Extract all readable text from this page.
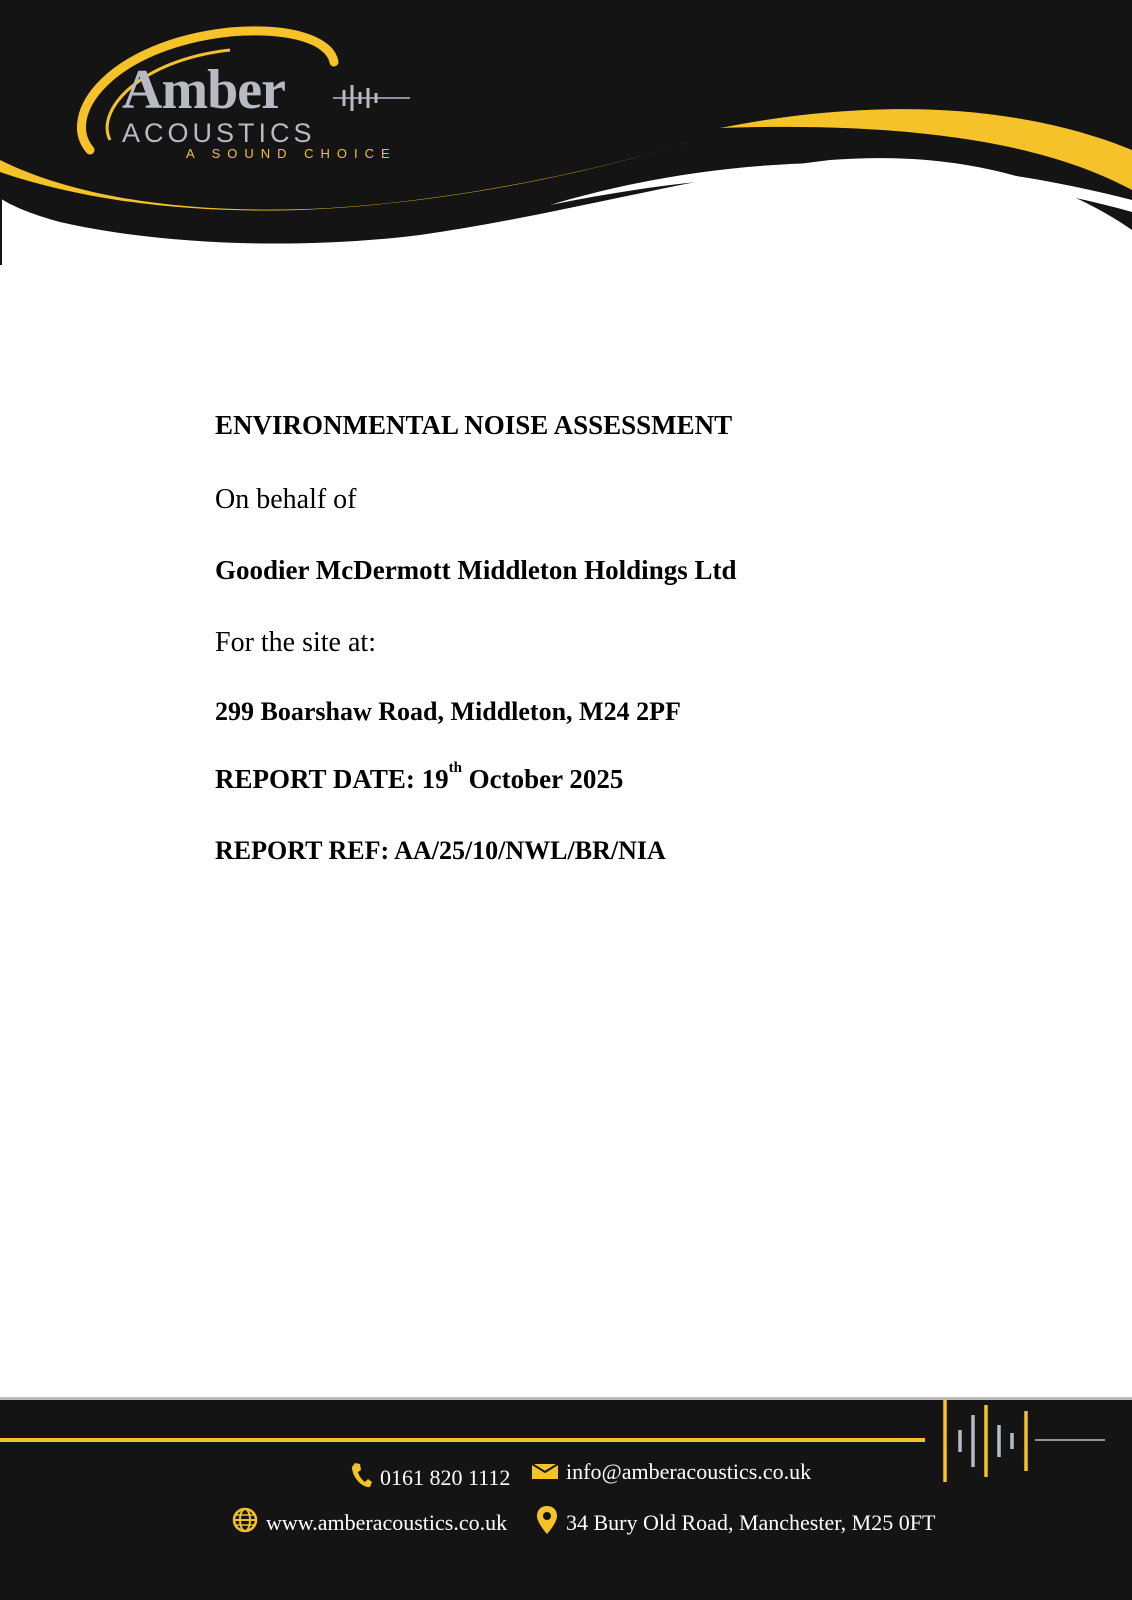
Amber
ACOUSTICS
A SOUND CHOICE
ENVIRONMENTAL NOISE ASSESSMENT
On behalf of
Goodier McDermott Middleton Holdings Ltd
For the site at:
299 Boarshaw Road, Middleton, M24 2PF
REPORT DATE: 19th October 2025
REPORT REF: AA/25/10/NWL/BR/NIA
0161 820 1112	info@amberacoustics.co.uk
www.amberacoustics.co.uk	34 Bury Old Road, Manchester, M25 0FT
